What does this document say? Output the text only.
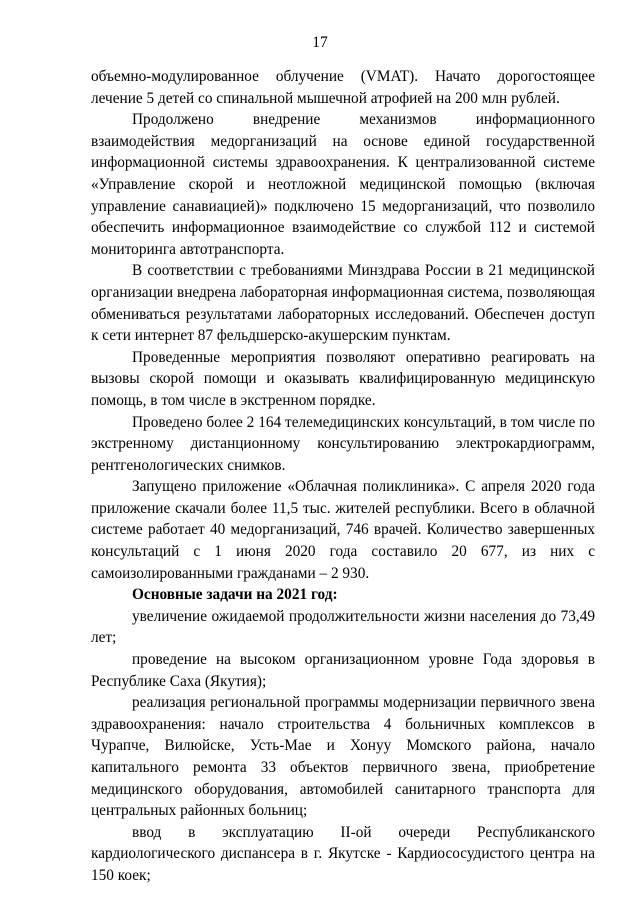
17

объемно-модулированное облучение (VMAT). Начато дорогостоящее лечение 5 детей со спинальной мышечной атрофией на 200 млн рублей.

Продолжено внедрение механизмов информационного взаимодействия медорганизаций на основе единой государственной информационной системы здравоохранения. К централизованной системе «Управление скорой и неотложной медицинской помощью (включая управление санавиацией)» подключено 15 медорганизаций, что позволило обеспечить информационное взаимодействие со службой 112 и системой мониторинга автотранспорта.

В соответствии с требованиями Минздрава России в 21 медицинской организации внедрена лабораторная информационная система, позволяющая обмениваться результатами лабораторных исследований. Обеспечен доступ к сети интернет 87 фельдшерско-акушерским пунктам.

Проведенные мероприятия позволяют оперативно реагировать на вызовы скорой помощи и оказывать квалифицированную медицинскую помощь, в том числе в экстренном порядке.

Проведено более 2 164 телемедицинских консультаций, в том числе по экстренному дистанционному консультированию электрокардиограмм, рентгенологических снимков.

Запущено приложение «Облачная поликлиника». С апреля 2020 года приложение скачали более 11,5 тыс. жителей республики. Всего в облачной системе работает 40 медорганизаций, 746 врачей. Количество завершенных консультаций с 1 июня 2020 года составило 20 677, из них с самоизолированными гражданами – 2 930.

Основные задачи на 2021 год:

увеличение ожидаемой продолжительности жизни населения до 73,49 лет;

проведение на высоком организационном уровне Года здоровья в Республике Саха (Якутия);

реализация региональной программы модернизации первичного звена здравоохранения: начало строительства 4 больничных комплексов в Чурапче, Вилюйске, Усть-Мае и Хонуу Момского района, начало капитального ремонта 33 объектов первичного звена, приобретение медицинского оборудования, автомобилей санитарного транспорта для центральных районных больниц;

ввод в эксплуатацию II-ой очереди Республиканского кардиологического диспансера в г. Якутске - Кардиососудистого центра на 150 коек;
